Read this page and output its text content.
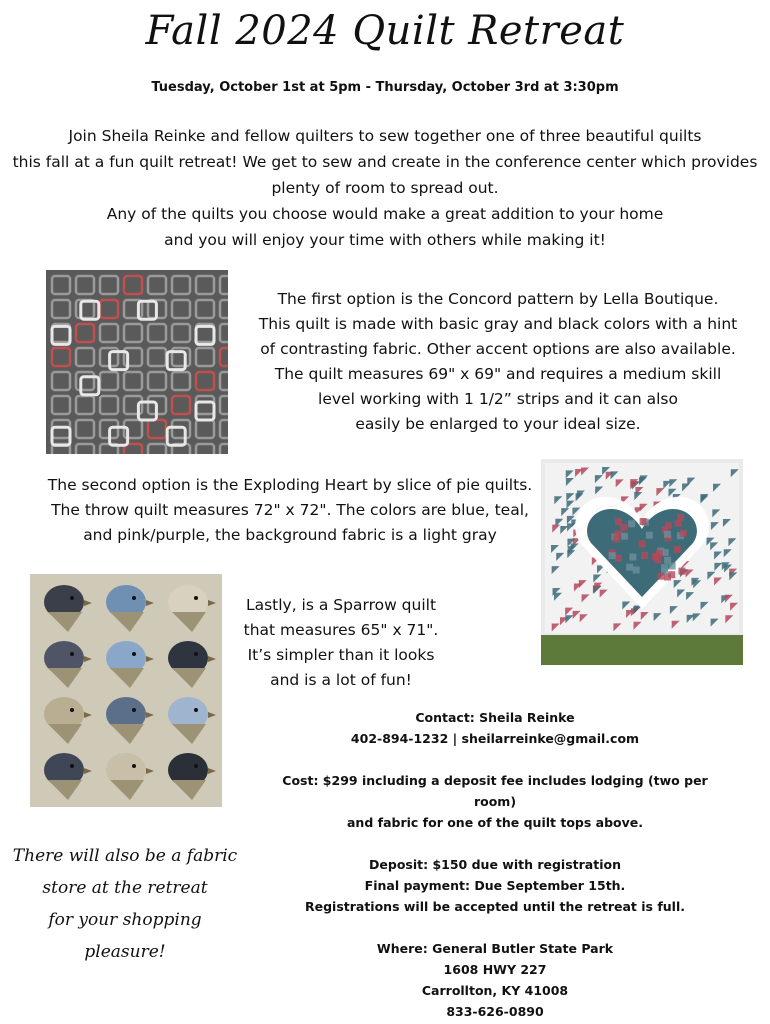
Fall 2024 Quilt Retreat
Tuesday, October 1st at 5pm - Thursday, October 3rd at 3:30pm

Join Sheila Reinke and fellow quilters to sew together one of three beautiful quilts

this fall at a fun quilt retreat! We get to sew and create in the conference center which provides

plenty of room to spread out.

Any of the quilts you choose would make a great addition to your home

and you will enjoy your time with others while making it!

The first option is the Concord pattern by Lella Boutique.
This quilt is made with basic gray and black colors with a hint
of contrasting fabric. Other accent options are also available.
The quilt measures 69" x 69" and requires a medium skill
level working with 1 1/2” strips and it can also
easily be enlarged to your ideal size.
The second option is the Exploding Heart by slice of pie quilts.
The throw quilt measures 72" x 72". The colors are blue, teal,
and pink/purple, the background fabric is a light gray
Lastly, is a Sparrow quilt
that measures 65" x 71".
It’s simpler than it looks
and is a lot of fun!

Contact: Sheila Reinke

402-894-1232 | sheilarreinke@gmail.com

Cost: $299 including a deposit fee includes lodging (two per room)

and fabric for one of the quilt tops above.

Deposit: $150 due with registration

Final payment: Due September 15th.

Registrations will be accepted until the retreat is full.

Where: General Butler State Park

1608 HWY 227

Carrollton, KY 41008

833-626-0890

There will also be a fabric
store at the retreat
for your shopping pleasure!
